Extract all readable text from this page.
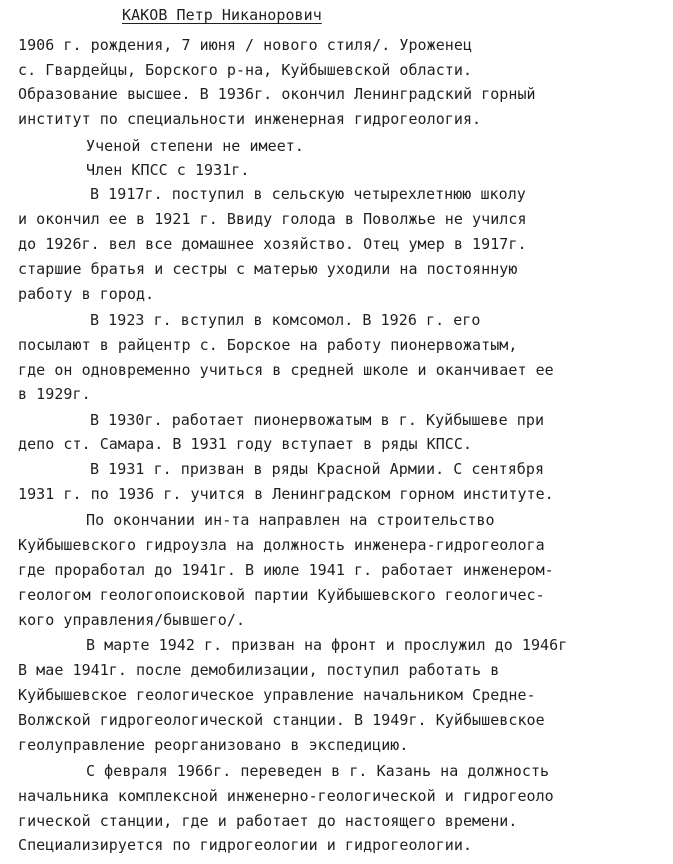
КАКОВ Петр Никанорович
1906 г. рождения, 7 июня / нового стиля/. Уроженец
с. Гвардейцы, Борского р-на, Куйбышевской области.
Образование высшее. В 1936г. окончил Ленинградский горный
институт по специальности инженерная гидрогеология.
Ученой степени не имеет.
Член КПСС с 1931г.
В 1917г. поступил в сельскую четырехлетнюю школу
и окончил ее в 1921 г. Ввиду голода в Поволжье не учился
до 1926г. вел все домашнее хозяйство. Отец умер в 1917г.
старшие братья и сестры с матерью уходили на постоянную
работу в город.
В 1923 г. вступил в комсомол. В 1926 г. его
посылают в райцентр с. Борское на работу пионервожатым,
где он одновременно учиться в средней школе и оканчивает ее
в 1929г.
В 1930г. работает пионервожатым в г. Куйбышеве при
депо ст. Самара. В 1931 году вступает в ряды КПСС.
В 1931 г. призван в ряды Красной Армии. С сентября
1931 г. по 1936 г. учится в Ленинградском горном институте.
По окончании ин-та направлен на строительство
Куйбышевского гидроузла на должность инженера-гидрогеолога
где проработал до 1941г. В июле 1941 г. работает инженером-
геологом геологопоисковой партии Куйбышевского геологичес-
кого управления/бывшего/.
В марте 1942 г. призван на фронт и прослужил до 1946г
В мае 1941г. после демобилизации, поступил работать в
Куйбышевское геологическое управление начальником Средне-
Волжской гидрогеологической станции. В 1949г. Куйбышевское
геолуправление реорганизовано в экспедицию.
С февраля 1966г. переведен в г. Казань на должность
начальника комплексной инженерно-геологической и гидрогеоло
гической станции, где и работает до настоящего времени.
Специализируется по гидрогеологии и гидрогеологии.
